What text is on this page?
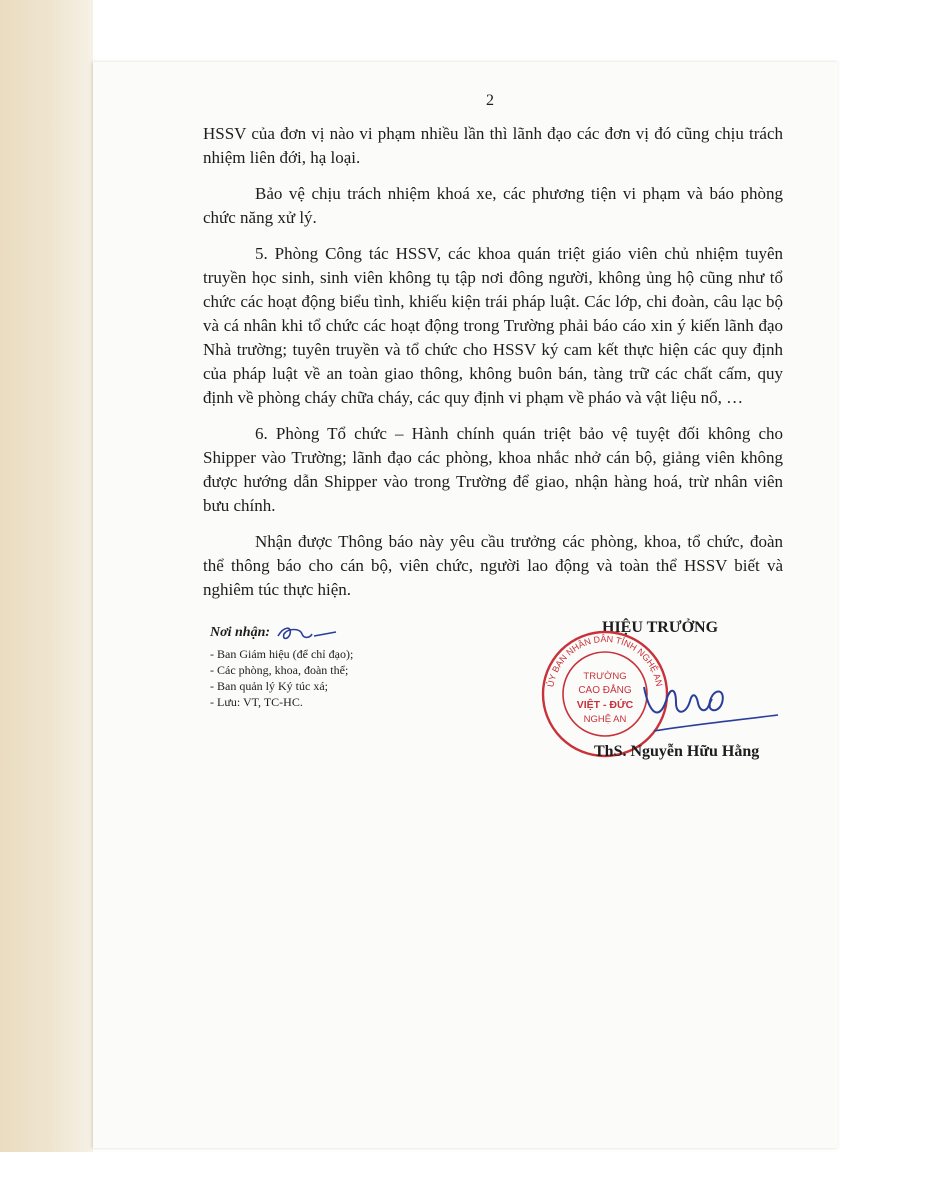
2

HSSV của đơn vị nào vi phạm nhiều lần thì lãnh đạo các đơn vị đó cũng chịu trách nhiệm liên đới, hạ loại.

Bảo vệ chịu trách nhiệm khoá xe, các phương tiện vi phạm và báo phòng chức năng xử lý.

5. Phòng Công tác HSSV, các khoa quán triệt giáo viên chủ nhiệm tuyên truyền học sinh, sinh viên không tụ tập nơi đông người, không ủng hộ cũng như tổ chức các hoạt động biểu tình, khiếu kiện trái pháp luật. Các lớp, chi đoàn, câu lạc bộ và cá nhân khi tổ chức các hoạt động trong Trường phải báo cáo xin ý kiến lãnh đạo Nhà trường; tuyên truyền và tổ chức cho HSSV ký cam kết thực hiện các quy định của pháp luật về an toàn giao thông, không buôn bán, tàng trữ các chất cấm, quy định về phòng cháy chữa cháy, các quy định vi phạm về pháo và vật liệu nổ, …

6. Phòng Tổ chức – Hành chính quán triệt bảo vệ tuyệt đối không cho Shipper vào Trường; lãnh đạo các phòng, khoa nhắc nhở cán bộ, giảng viên không được hướng dẫn Shipper vào trong Trường để giao, nhận hàng hoá, trừ nhân viên bưu chính.

Nhận được Thông báo này yêu cầu trưởng các phòng, khoa, tổ chức, đoàn thể thông báo cho cán bộ, viên chức, người lao động và toàn thể HSSV biết và nghiêm túc thực hiện.

Nơi nhận:
- Ban Giám hiệu (để chỉ đạo);
- Các phòng, khoa, đoàn thể;
- Ban quản lý Ký túc xá;
- Lưu: VT, TC-HC.
HIỆU TRƯỞNG
ỦY BAN NHÂN DÂN TỈNH NGHỆ AN
TRƯỜNG
CAO ĐẲNG
VIỆT - ĐỨC
NGHỆ AN
ThS. Nguyễn Hữu Hằng
